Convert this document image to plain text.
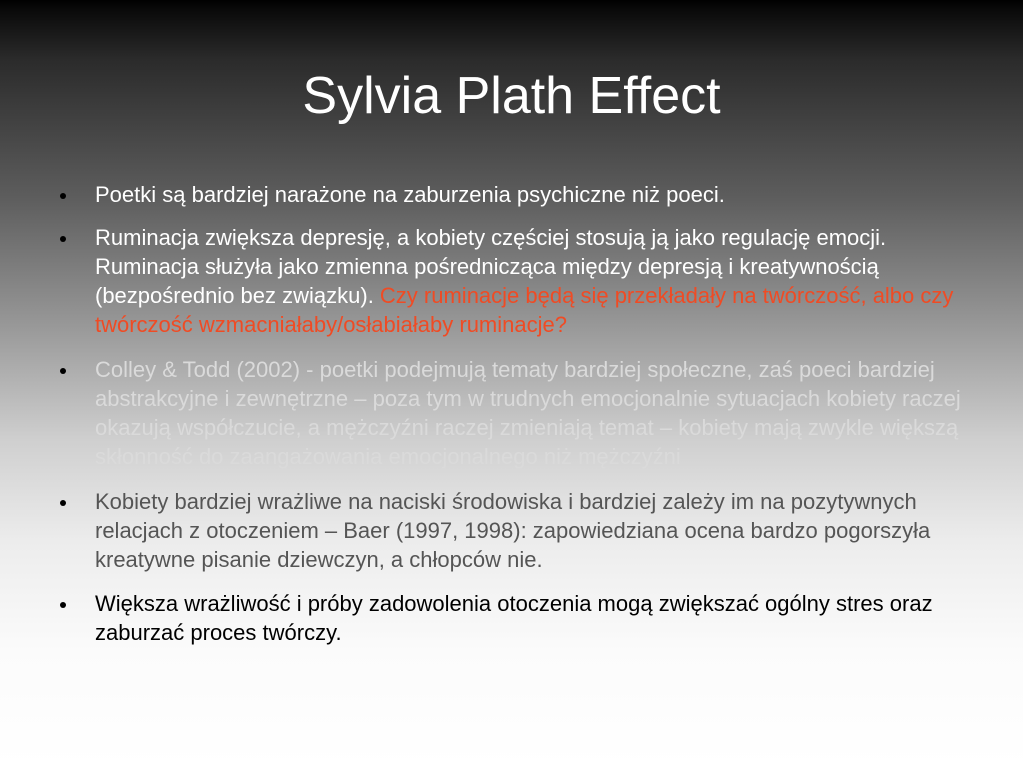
Sylvia Plath Effect
Poetki są bardziej narażone na zaburzenia psychiczne niż poeci.
Ruminacja zwiększa depresję, a kobiety częściej stosują ją jako regulację emocji. Ruminacja służyła jako zmienna pośrednicząca między depresją i kreatywnością (bezpośrednio bez związku). Czy ruminacje będą się przekładały na twórczość, albo czy twórczość wzmacniałaby/osłabiałaby ruminacje?
Colley & Todd (2002) - poetki podejmują tematy bardziej społeczne, zaś poeci bardziej abstrakcyjne i zewnętrzne – poza tym w trudnych emocjonalnie sytuacjach kobiety raczej okazują współczucie, a mężczyźni raczej zmieniają temat – kobiety mają zwykle większą skłonność do zaangażowania emocjonalnego niż mężczyźni
Kobiety bardziej wrażliwe na naciski środowiska i bardziej zależy im na pozytywnych relacjach z otoczeniem – Baer (1997, 1998): zapowiedziana ocena bardzo pogorszyła kreatywne pisanie dziewczyn, a chłopców nie.
Większa wrażliwość i próby zadowolenia otoczenia mogą zwiększać ogólny stres oraz zaburzać proces twórczy.
